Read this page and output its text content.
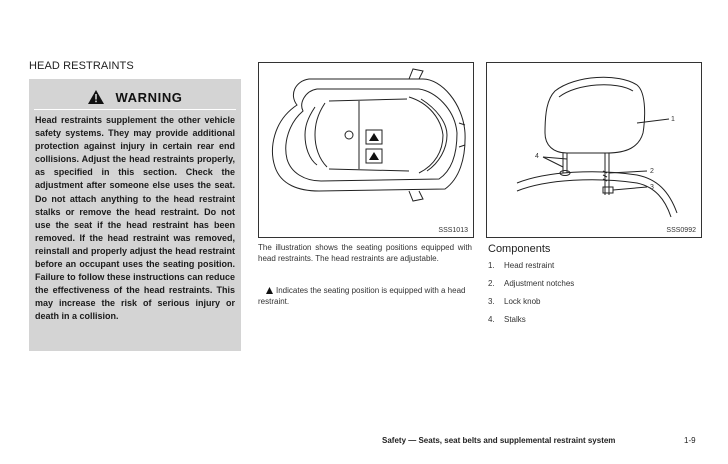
HEAD RESTRAINTS
WARNING
Head restraints supplement the other vehicle safety systems. They may provide additional protection against injury in certain rear end collisions. Adjust the head restraints properly, as specified in this section. Check the adjustment after someone else uses the seat. Do not attach anything to the head restraint stalks or remove the head restraint. Do not use the seat if the head restraint has been removed. If the head restraint was removed, reinstall and properly adjust the head restraint before an occupant uses the seating position. Failure to follow these instructions can reduce the effectiveness of the head restraints. This may increase the risk of serious injury or death in a collision.
SSS1013
1
2
3
4
SSS0992
The illustration shows the seating positions equipped with head restraints. The head restraints are adjustable.
Indicates the seating position is equipped with a head restraint.
Components
1. Head restraint
2. Adjustment notches
3. Lock knob
4. Stalks
Safety — Seats, seat belts and supplemental restraint system	1-9
